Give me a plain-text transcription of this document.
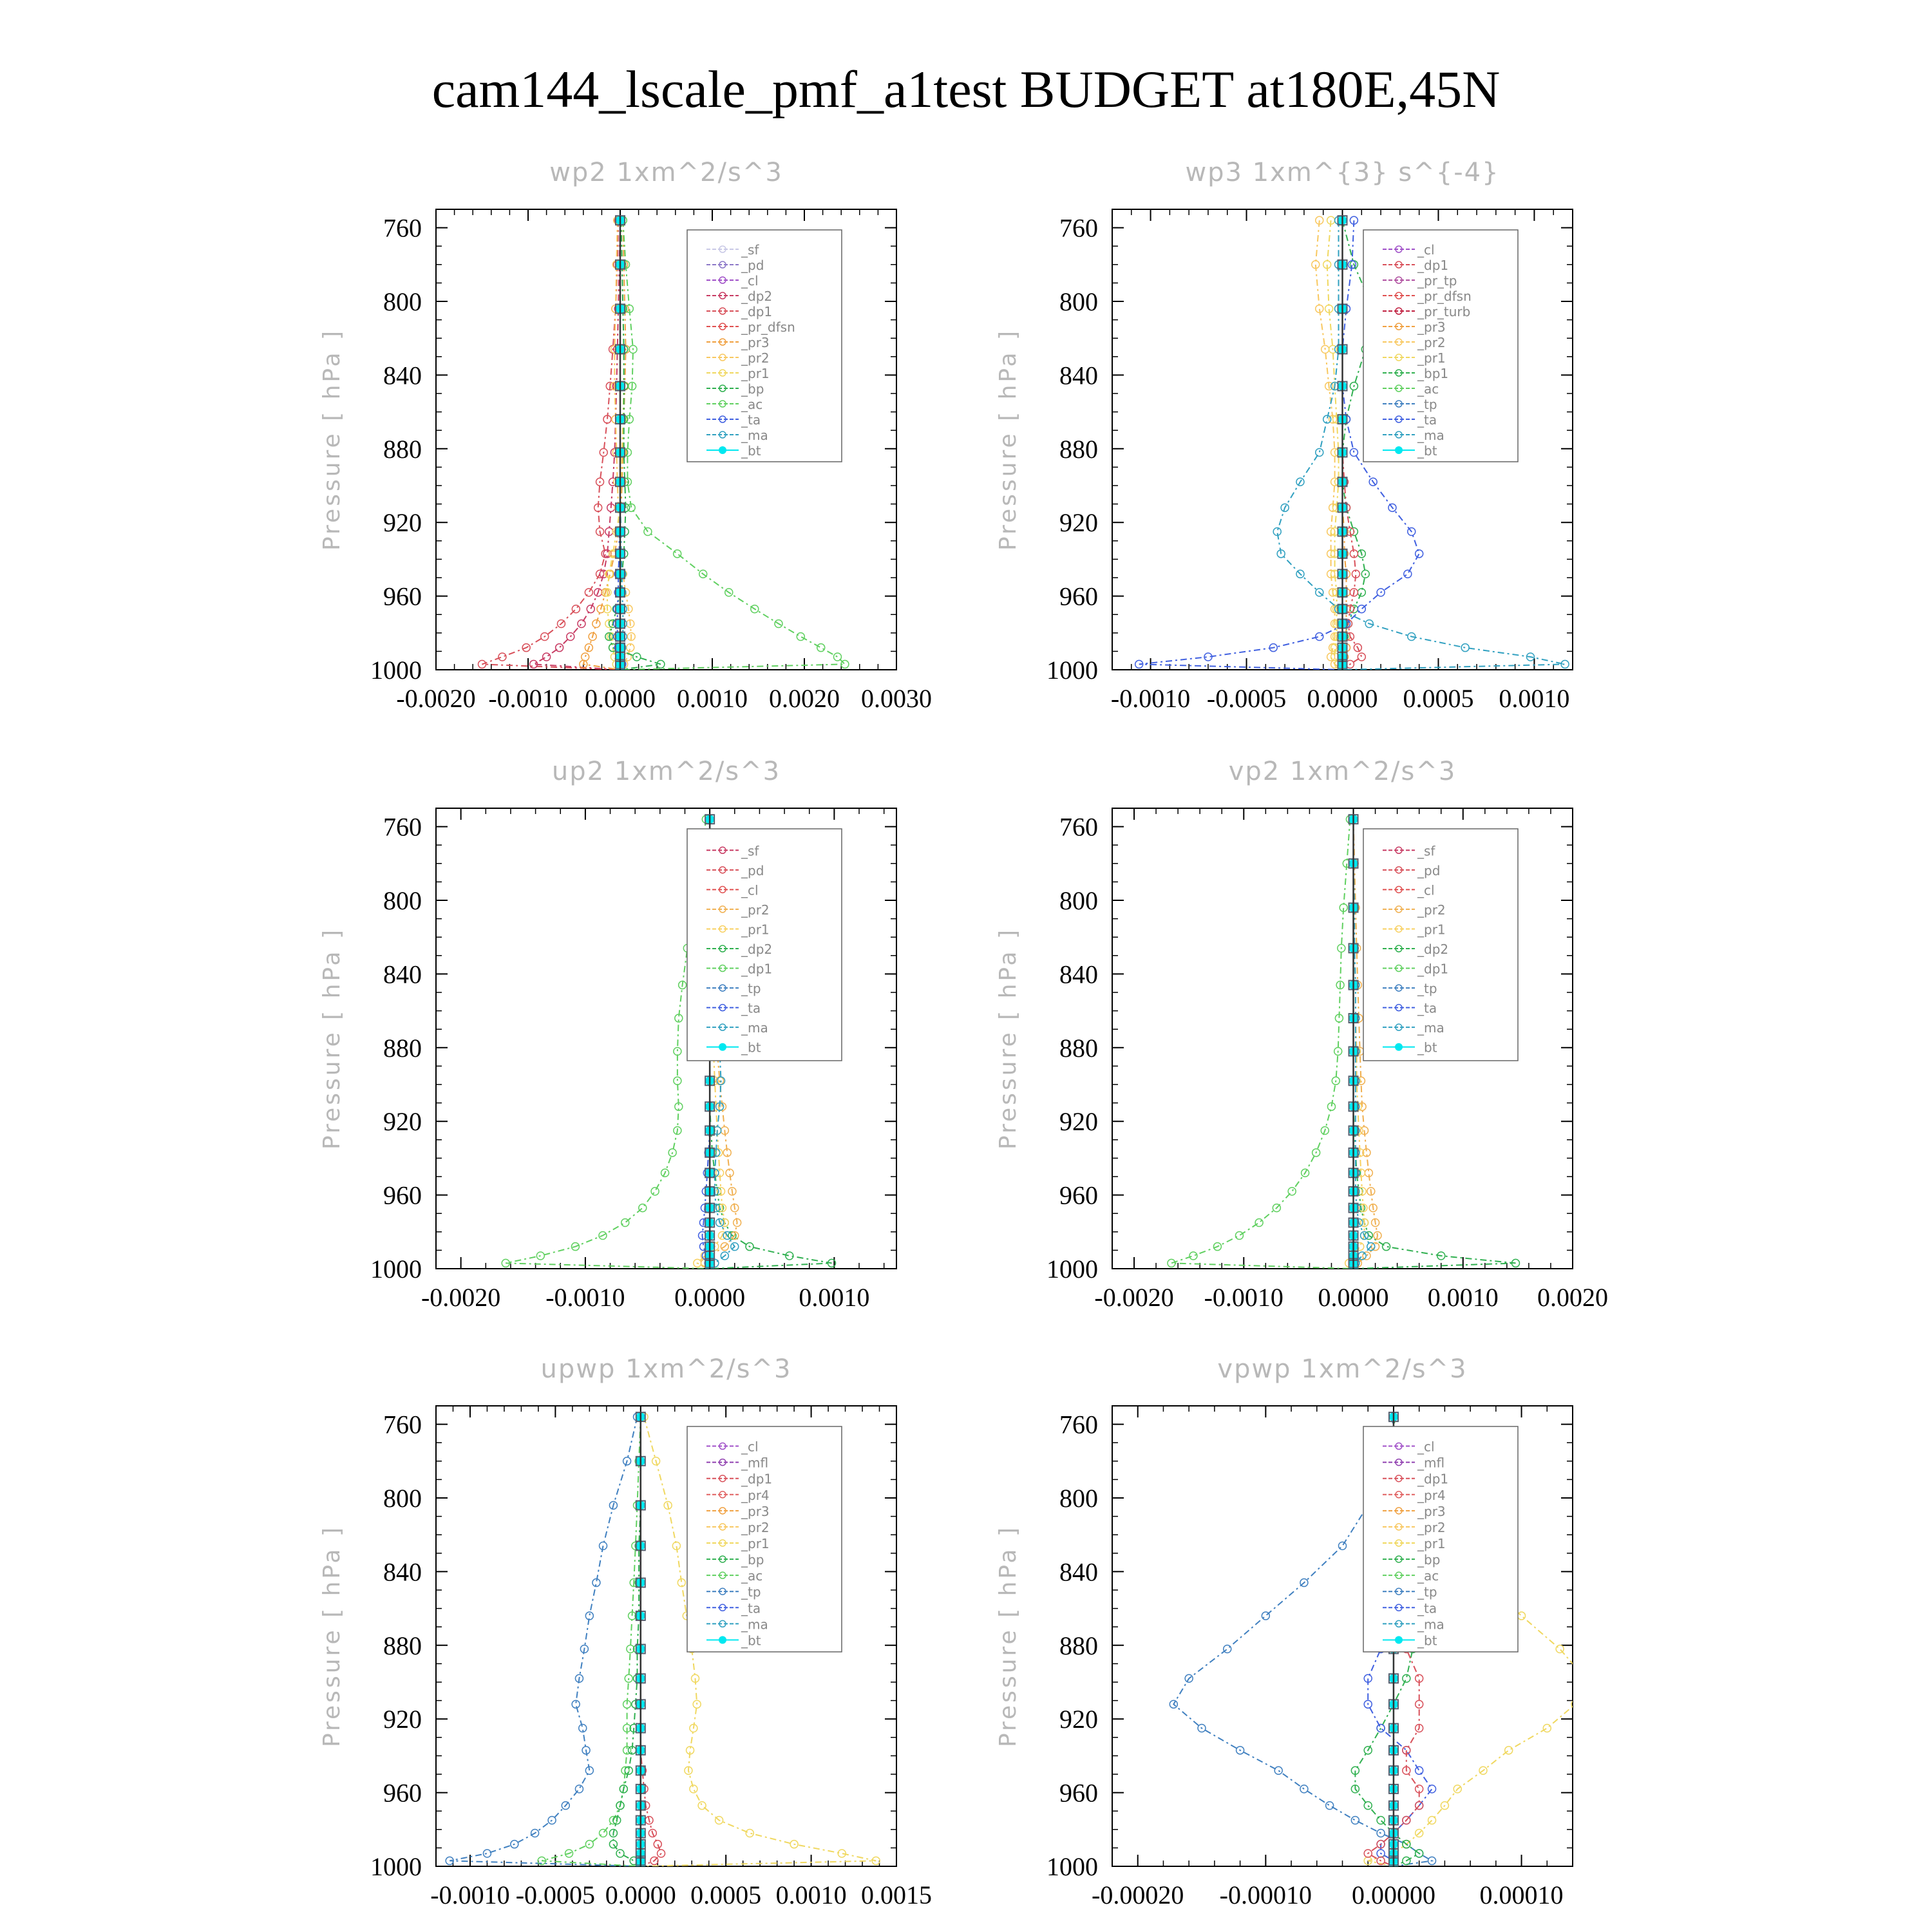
cam144_lscale_pmf_a1test BUDGET at180E,45N
wp2 1xm^2/s^3
Pressure [ hPa ]
760
800
840
880
920
960
1000
-0.0020 -0.0010 0.0000 0.0010 0.0020 0.0030
_sf
_pd
_cl
_dp2
_dp1
_pr_dfsn
_pr3
_pr2
_pr1
_bp
_ac
_ta
_ma
_bt
wp3 1xm^{3} s^{-4}
Pressure [ hPa ]
760
800
840
880
920
960
1000
-0.0010 -0.0005 0.0000 0.0005 0.0010
_cl
_dp1
_pr_tp
_pr_dfsn
_pr_turb
_pr3
_pr2
_pr1
_bp1
_ac
_tp
_ta
_ma
_bt
up2 1xm^2/s^3
Pressure [ hPa ]
760
800
840
880
920
960
1000
-0.0020 -0.0010 0.0000 0.0010
_sf
_pd
_cl
_pr2
_pr1
_dp2
_dp1
_tp
_ta
_ma
_bt
vp2 1xm^2/s^3
Pressure [ hPa ]
760
800
840
880
920
960
1000
-0.0020 -0.0010 0.0000 0.0010 0.0020
_sf
_pd
_cl
_pr2
_pr1
_dp2
_dp1
_tp
_ta
_ma
_bt
upwp 1xm^2/s^3
Pressure [ hPa ]
760
800
840
880
920
960
1000
-0.0010 -0.0005 0.0000 0.0005 0.0010 0.0015
_cl
_mfl
_dp1
_pr4
_pr3
_pr2
_pr1
_bp
_ac
_tp
_ta
_ma
_bt
vpwp 1xm^2/s^3
Pressure [ hPa ]
760
800
840
880
920
960
1000
-0.00020 -0.00010 0.00000 0.00010
_cl
_mfl
_dp1
_pr4
_pr3
_pr2
_pr1
_bp
_ac
_tp
_ta
_ma
_bt
